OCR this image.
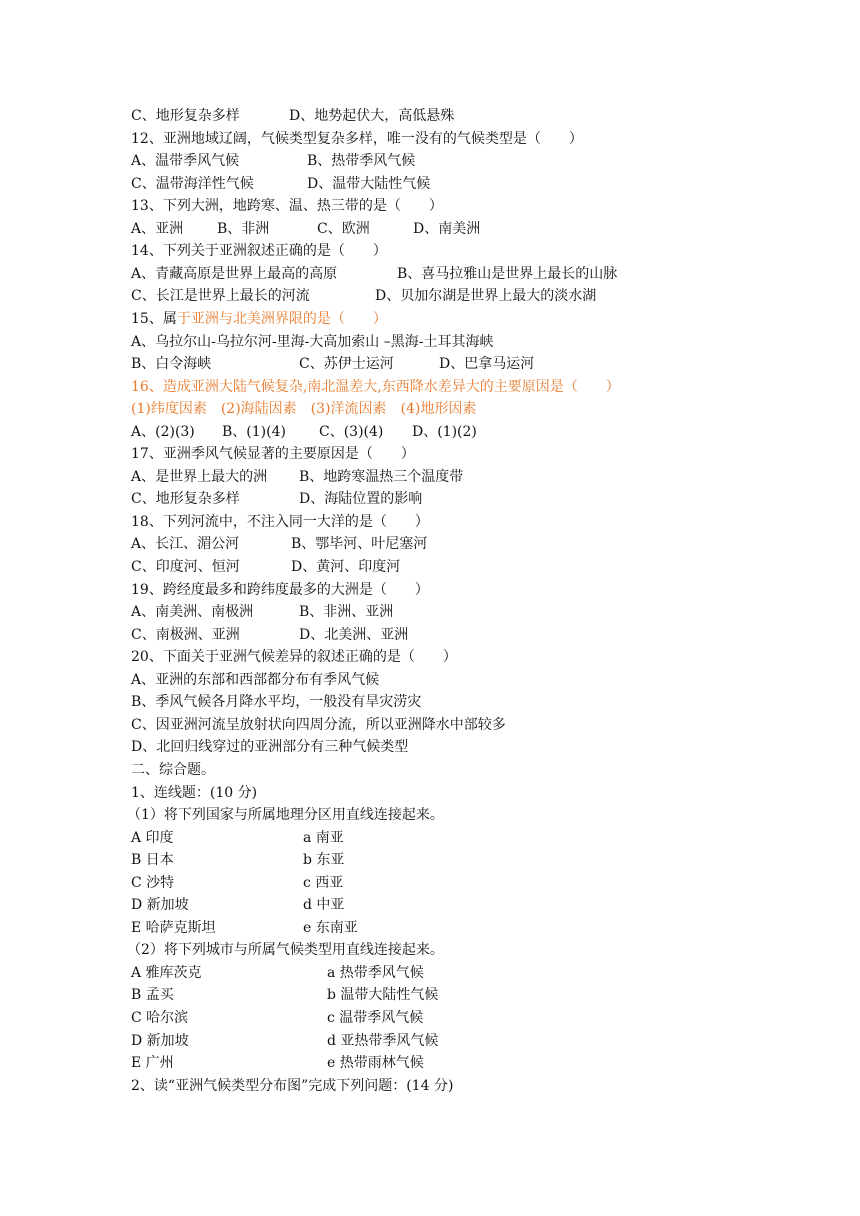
C、地形复杂多样	D、地势起伏大，高低悬殊
12、亚洲地域辽阔，气候类型复杂多样，唯一没有的气候类型是（　　）
A、温带季风气候	B、热带季风气候
C、温带海洋性气候	D、温带大陆性气候
13、下列大洲，地跨寒、温、热三带的是（　　）
A、亚洲 B、非洲	C、欧洲	D、南美洲
14、下列关于亚洲叙述正确的是（　　）
A、青藏高原是世界上最高的高原	B、喜马拉雅山是世界上最长的山脉
C、长江是世界上最长的河流	D、贝加尔湖是世界上最大的淡水湖
15、属于亚洲与北美洲界限的是（　　）
A、乌拉尔山-乌拉尔河-里海-大高加索山 –黑海-土耳其海峡
B、白令海峡	C、苏伊士运河	D、巴拿马运河
16、造成亚洲大陆气候复杂,南北温差大,东西降水差异大的主要原因是（　　）
(1)纬度因素　(2)海陆因素　(3)洋流因素　(4)地形因素
A、(2)(3) B、(1)(4) C、(3)(4) D、(1)(2)
17、亚洲季风气候显著的主要原因是（　　）
A、是世界上最大的洲 B、地跨寒温热三个温度带
C、地形复杂多样	D、海陆位置的影响
18、下列河流中，不注入同一大洋的是（　　）
A、长江、湄公河	B、鄂毕河、叶尼塞河
C、印度河、恒河	D、黄河、印度河
19、跨经度最多和跨纬度最多的大洲是（　　）
A、南美洲、南极洲	B、非洲、亚洲
C、南极洲、亚洲	D、北美洲、亚洲
20、下面关于亚洲气候差异的叙述正确的是（　　）
A、亚洲的东部和西部都分布有季风气候
B、季风气候各月降水平均，一般没有旱灾涝灾
C、因亚洲河流呈放射状向四周分流，所以亚洲降水中部较多
D、北回归线穿过的亚洲部分有三种气候类型
二、综合题。
1、连线题：(10 分)
（1）将下列国家与所属地理分区用直线连接起来。
A 印度	a 南亚
B 日本	b 东亚
C 沙特	c 西亚
D 新加坡	d 中亚
E 哈萨克斯坦	e 东南亚
（2）将下列城市与所属气候类型用直线连接起来。
A 雅库茨克	a 热带季风气候
B 孟买	b 温带大陆性气候
C 哈尔滨	c 温带季风气候
D 新加坡	d 亚热带季风气候
E 广州	e 热带雨林气候
2、读“亚洲气候类型分布图”完成下列问题：(14 分)
